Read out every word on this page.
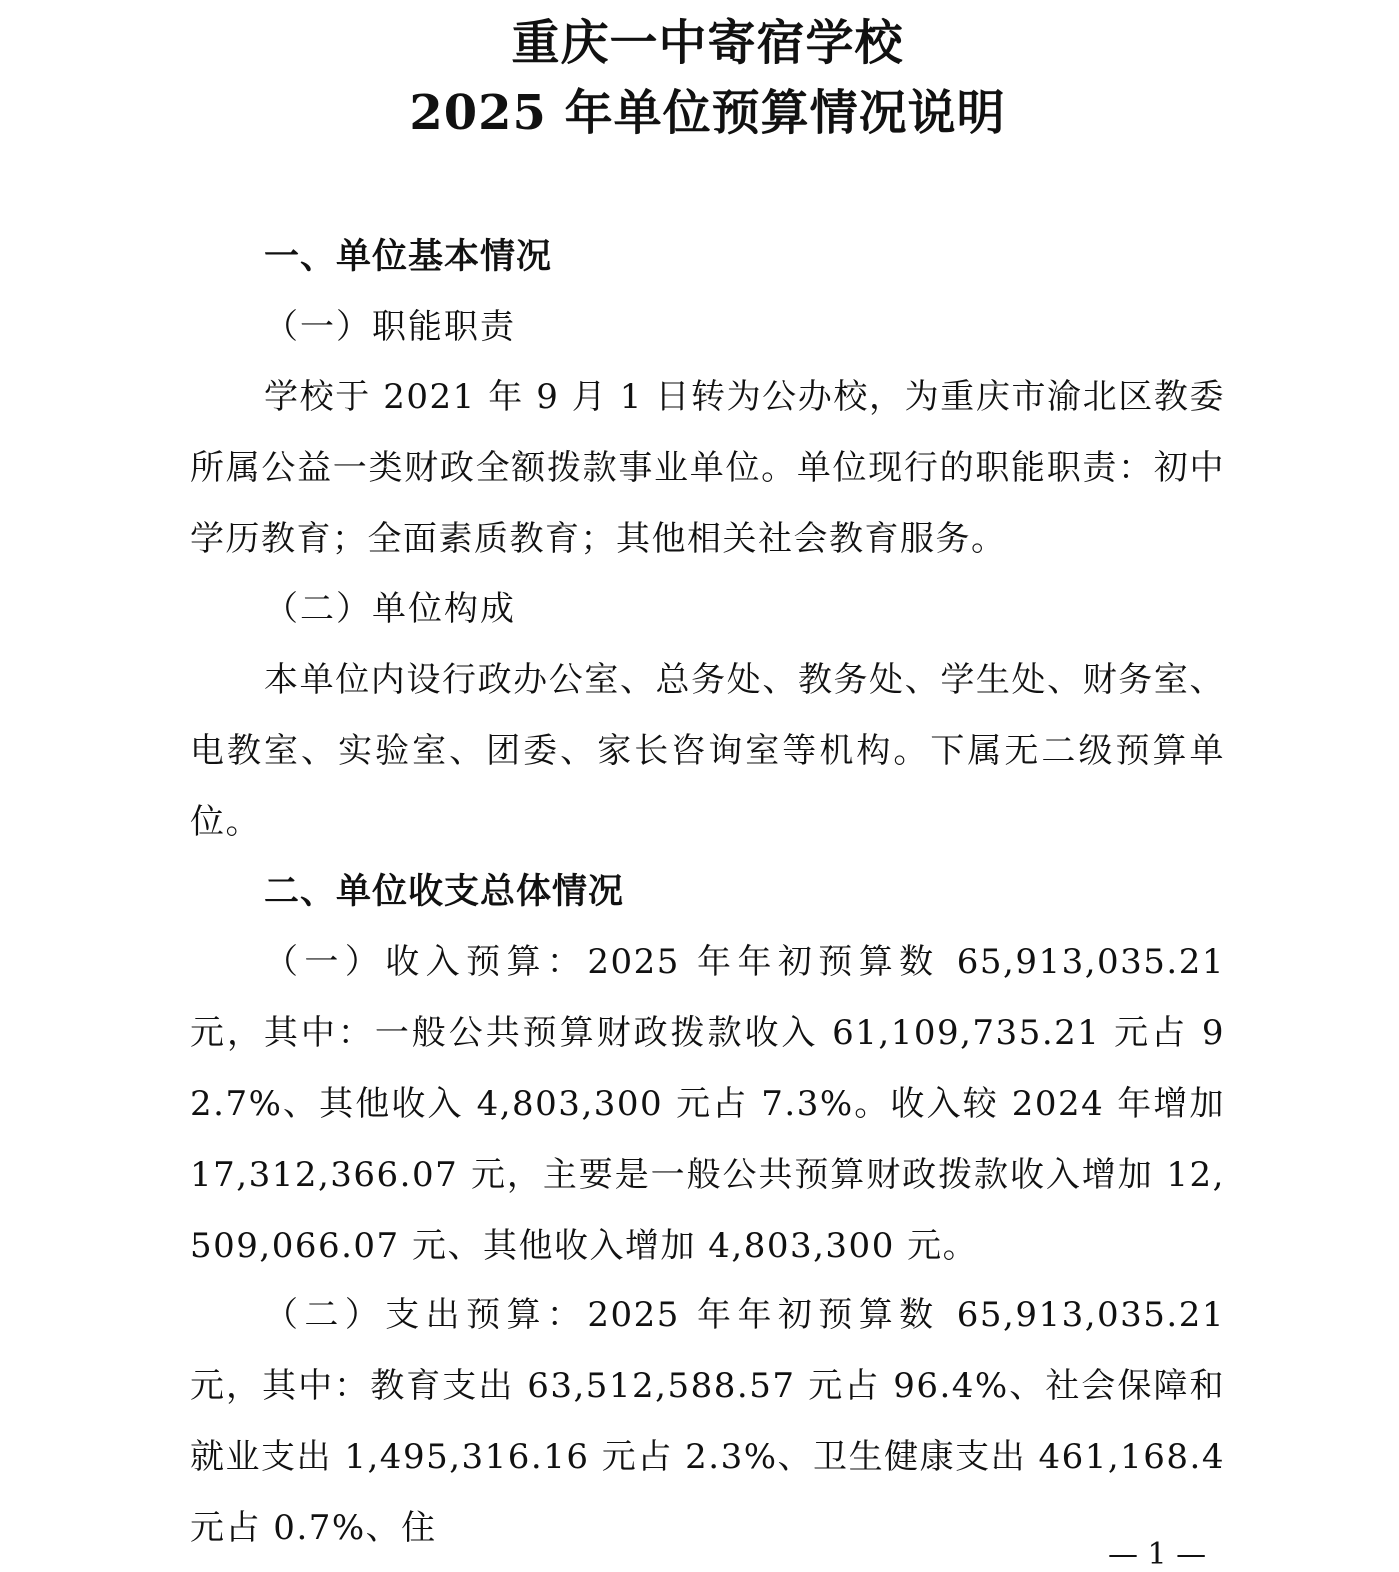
重庆一中寄宿学校
2025 年单位预算情况说明
一、单位基本情况
（一）职能职责

学校于 2021 年 9 月 1 日转为公办校，为重庆市渝北区教委所属公益一类财政全额拨款事业单位。单位现行的职能职责：初中学历教育；全面素质教育；其他相关社会教育服务。

（二）单位构成

本单位内设行政办公室、总务处、教务处、学生处、财务室、电教室、实验室、团委、家长咨询室等机构。下属无二级预算单位。

二、单位收支总体情况

（一）收入预算：2025 年年初预算数 65,913,035.21 元，其中：一般公共预算财政拨款收入 61,109,735.21 元占 92.7%、其他收入 4,803,300 元占 7.3%。收入较 2024 年增加 17,312,366.07 元，主要是一般公共预算财政拨款收入增加 12,509,066.07 元、其他收入增加 4,803,300 元。

（二）支出预算：2025 年年初预算数 65,913,035.21 元，其中：教育支出 63,512,588.57 元占 96.4%、社会保障和就业支出 1,495,316.16 元占 2.3%、卫生健康支出 461,168.4 元占 0.7%、住

— 1 —
